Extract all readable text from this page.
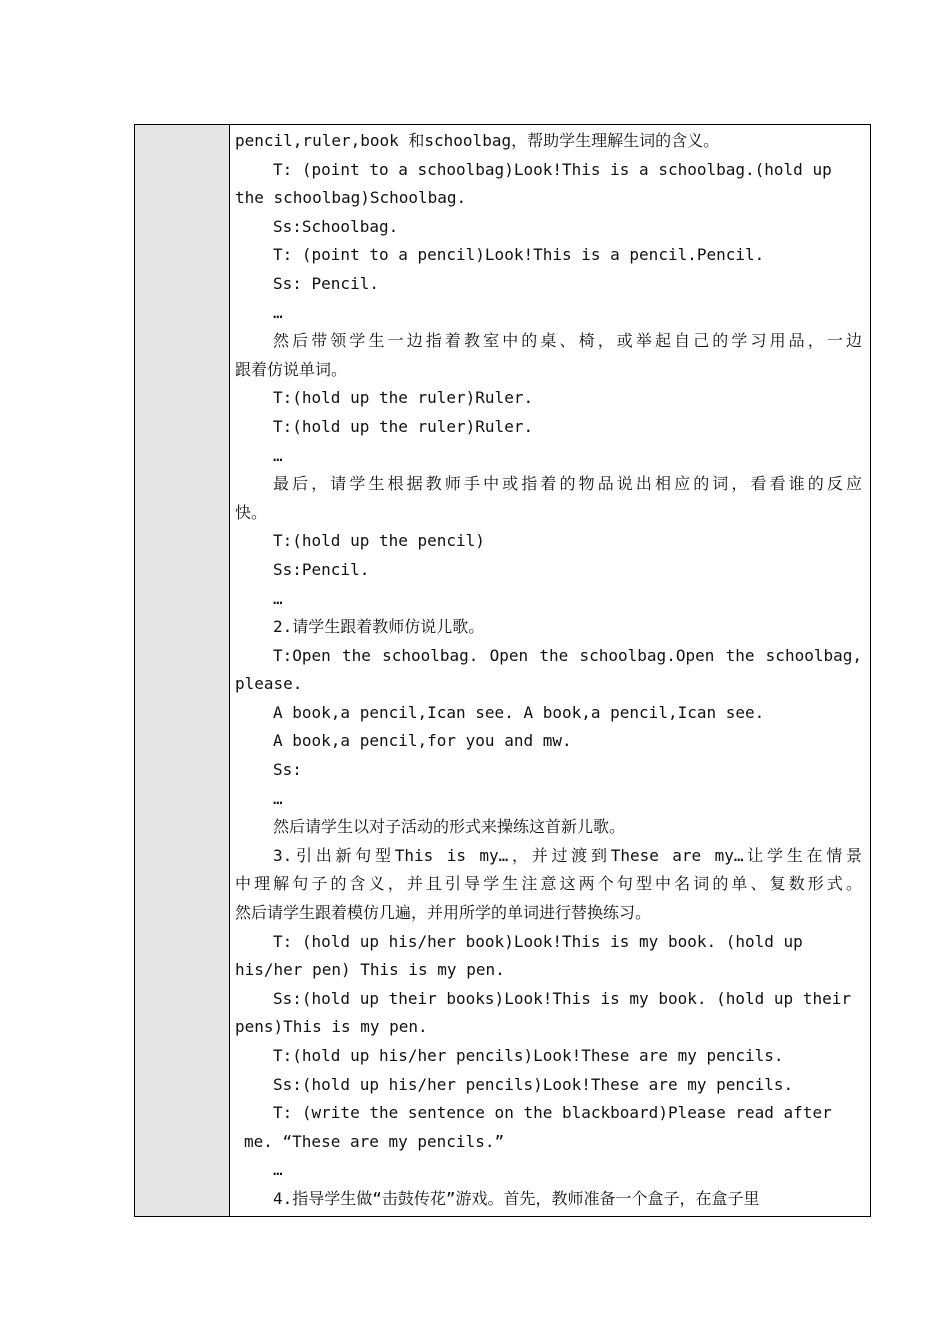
pencil,ruler,book 和schoolbag，帮助学生理解生词的含义。
T: (point to a schoolbag)Look!This is a schoolbag.(hold up
the schoolbag)Schoolbag.
Ss:Schoolbag.
T: (point to a pencil)Look!This is a pencil.Pencil.
Ss: Pencil.
…
然后带领学生一边指着教室中的桌、椅，或举起自己的学习用品，一边
跟着仿说单词。
T:(hold up the ruler)Ruler.
T:(hold up the ruler)Ruler.
…
最后，请学生根据教师手中或指着的物品说出相应的词，看看谁的反应
快。
T:(hold up the pencil)
Ss:Pencil.
…
2.请学生跟着教师仿说儿歌。
T:Open the schoolbag. Open the schoolbag.Open the schoolbag,
please.
A book,a pencil,Ican see. A book,a pencil,Ican see.
A book,a pencil,for you and mw.
Ss:
…
然后请学生以对子活动的形式来操练这首新儿歌。
3.引出新句型This is my…，并过渡到These are my…让学生在情景
中理解句子的含义，并且引导学生注意这两个句型中名词的单、复数形式。
然后请学生跟着模仿几遍，并用所学的单词进行替换练习。
T: (hold up his/her book)Look!This is my book. (hold up
his/her pen) This is my pen.
Ss:(hold up their books)Look!This is my book. (hold up their
pens)This is my pen.
T:(hold up his/her pencils)Look!These are my pencils.
Ss:(hold up his/her pencils)Look!These are my pencils.
T: (write the sentence on the blackboard)Please read after
me. “These are my pencils.”
…
4.指导学生做“击鼓传花”游戏。首先，教师准备一个盒子，在盒子里
